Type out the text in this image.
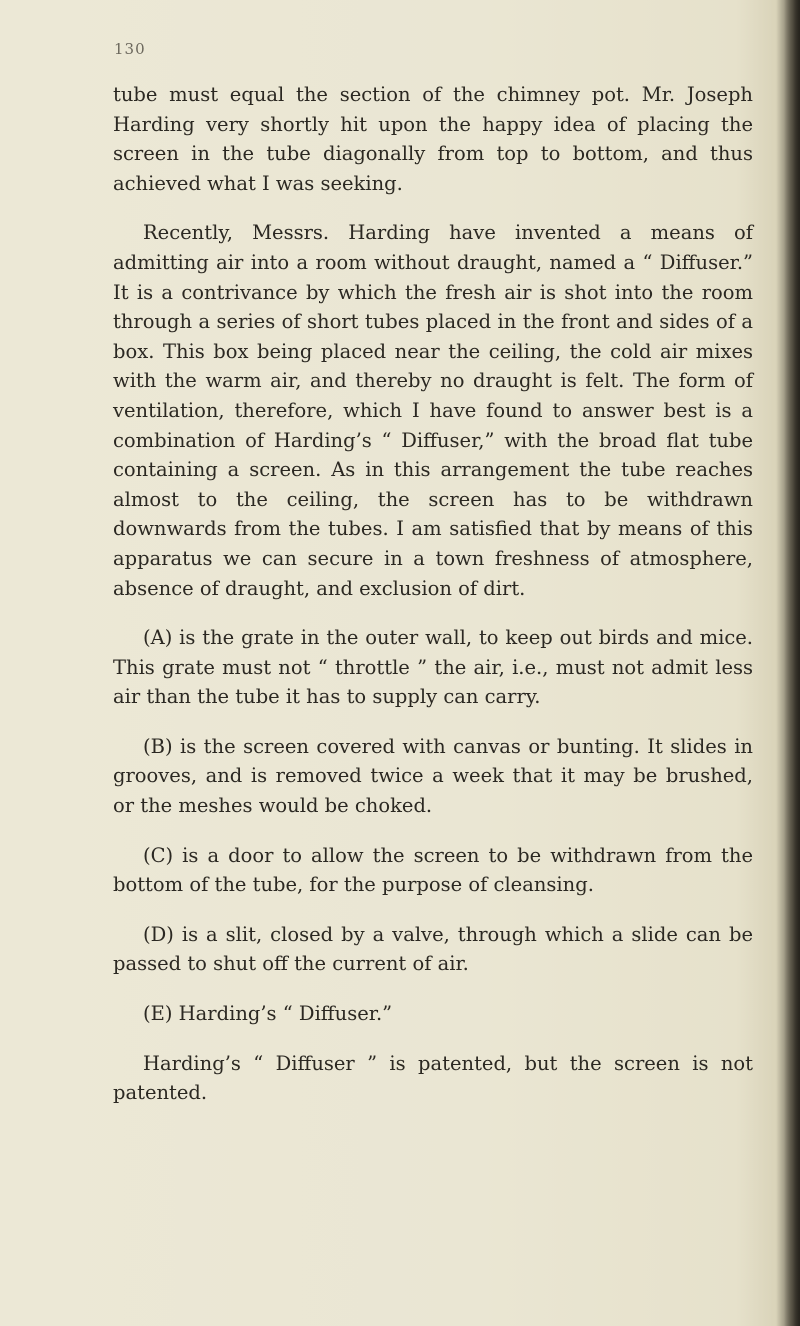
130

tube must equal the section of the chimney pot. Mr. Joseph Harding very shortly hit upon the happy idea of placing the screen in the tube diagonally from top to bottom, and thus achieved what I was seeking.

Recently, Messrs. Harding have invented a means of admitting air into a room without draught, named a “ Diffuser.” It is a contrivance by which the fresh air is shot into the room through a series of short tubes placed in the front and sides of a box. This box being placed near the ceiling, the cold air mixes with the warm air, and thereby no draught is felt. The form of ventilation, therefore, which I have found to answer best is a combination of Harding’s “ Diffuser,” with the broad flat tube containing a screen. As in this arrangement the tube reaches almost to the ceiling, the screen has to be withdrawn downwards from the tubes. I am satisfied that by means of this apparatus we can secure in a town freshness of atmosphere, absence of draught, and exclusion of dirt.

(A) is the grate in the outer wall, to keep out birds and mice. This grate must not “ throttle ” the air, i.e., must not admit less air than the tube it has to supply can carry.

(B) is the screen covered with canvas or bunting. It slides in grooves, and is removed twice a week that it may be brushed, or the meshes would be choked.

(C) is a door to allow the screen to be withdrawn from the bottom of the tube, for the purpose of cleansing.

(D) is a slit, closed by a valve, through which a slide can be passed to shut off the current of air.

(E) Harding’s “ Diffuser.”

Harding’s “ Diffuser ” is patented, but the screen is not patented.
